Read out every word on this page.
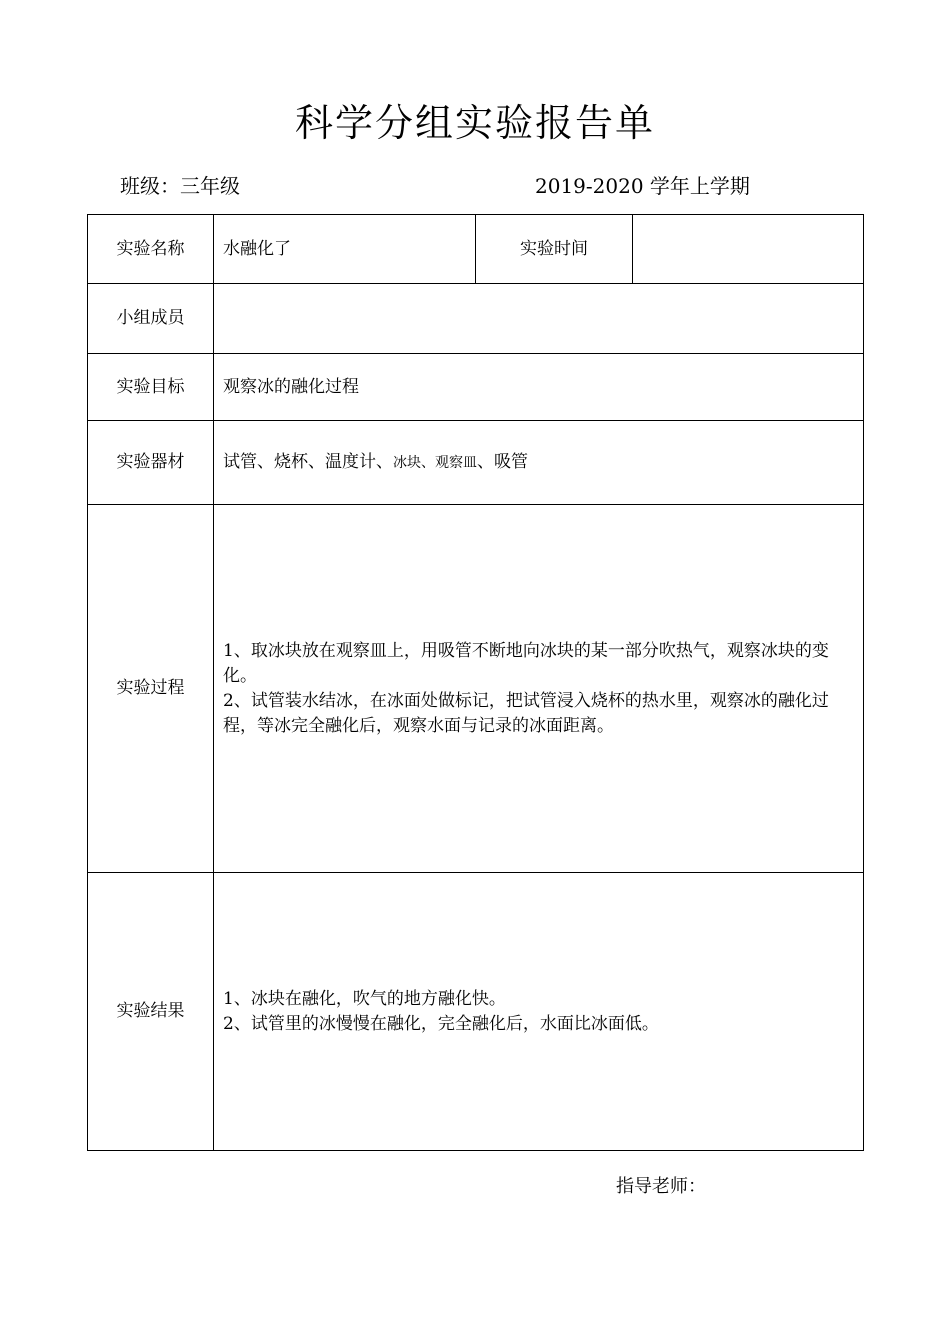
科学分组实验报告单
班级：三年级	2019-2020 学年上学期
实验名称	水融化了	实验时间	
小组成员			
实验目标	观察冰的融化过程		
实验器材	试管、烧杯、温度计、冰块、观察皿、吸管		
实验过程	1、取冰块放在观察皿上，用吸管不断地向冰块的某一部分吹热气，观察冰块的变化。
2、试管装水结冰，在冰面处做标记，把试管浸入烧杯的热水里，观察冰的融化过程，等冰完全融化后，观察水面与记录的冰面距离。		

实验结果	1、冰块在融化，吹气的地方融化快。
2、试管里的冰慢慢在融化，完全融化后，水面比冰面低。		
指导老师：
